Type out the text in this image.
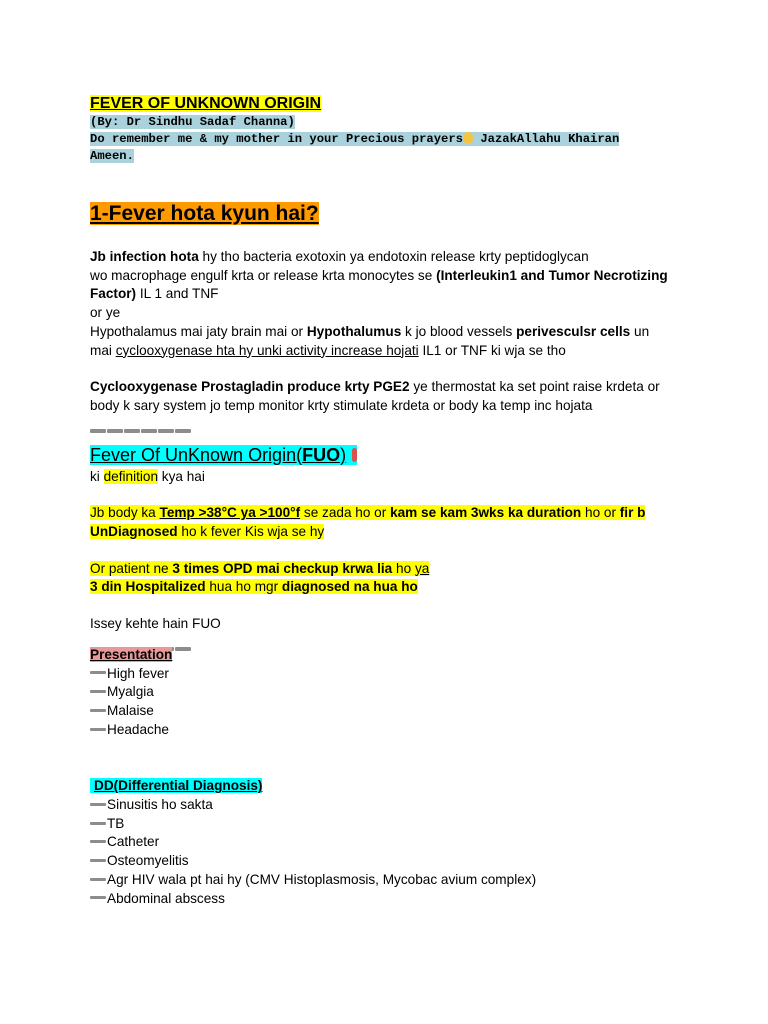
FEVER OF UNKNOWN ORIGIN
(By: Dr Sindhu Sadaf Channa)
Do remember me & my mother in your Precious prayers JazakAllahu Khairan
Ameen.
1-Fever hota kyun hai?

Jb infection hota hy tho bacteria exotoxin ya endotoxin release krty peptidoglycan
wo macrophage engulf krta or release krta monocytes se (Interleukin1 and Tumor Necrotizing
Factor) IL 1 and TNF
or ye
Hypothalamus mai jaty brain mai or Hypothalumus k jo blood vessels perivesculsr cells un
mai cyclooxygenase hta hy unki activity increase hojati IL1 or TNF ki wja se tho

Cyclooxygenase Prostagladin produce krty PGE2 ye thermostat ka set point raise krdeta or
body k sary system jo temp monitor krty stimulate krdeta or body ka temp inc hojata

Fever Of UnKnown Origin(FUO)

ki definition kya hai

Jb body ka Temp >38°C ya >100°f se zada ho or kam se kam 3wks ka duration ho or fir b
UnDiagnosed ho k fever Kis wja se hy

Or patient ne 3 times OPD mai checkup krwa lia ho ya
3 din Hospitalized hua ho mgr diagnosed na hua ho

Issey kehte hain FUO

Presentation

High fever

Myalgia

Malaise

Headache

DD(Differential Diagnosis)

Sinusitis ho sakta

TB

Catheter

Osteomyelitis

Agr HIV wala pt hai hy (CMV Histoplasmosis, Mycobac avium complex)

Abdominal abscess
